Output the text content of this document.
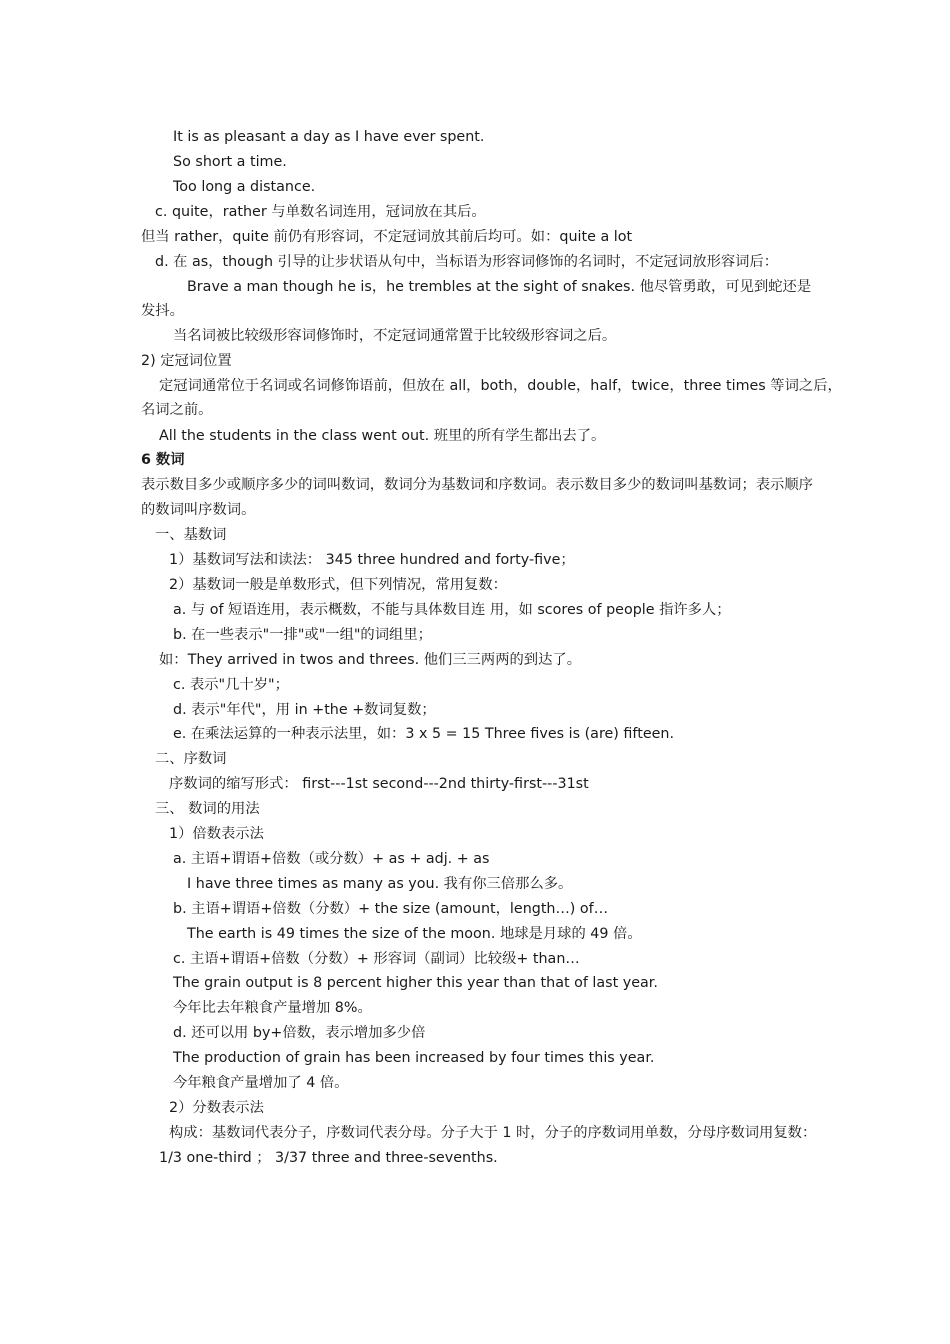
It is as pleasant a day as I have ever spent.
So short a time.
Too long a distance.
c. quite，rather 与单数名词连用，冠词放在其后。
但当 rather，quite 前仍有形容词，不定冠词放其前后均可。如：quite a lot
d. 在 as，though 引导的让步状语从句中，当标语为形容词修饰的名词时，不定冠词放形容词后：
Brave a man though he is，he trembles at the sight of snakes. 他尽管勇敢，可见到蛇还是
发抖。
当名词被比较级形容词修饰时，不定冠词通常置于比较级形容词之后。
2) 定冠词位置
定冠词通常位于名词或名词修饰语前，但放在 all，both，double，half，twice，three times 等词之后，
名词之前。
All the students in the class went out. 班里的所有学生都出去了。
6 数词
表示数目多少或顺序多少的词叫数词，数词分为基数词和序数词。表示数目多少的数词叫基数词；表示顺序
的数词叫序数词。
一、基数词
1）基数词写法和读法： 345 three hundred and forty-five；
2）基数词一般是单数形式，但下列情况，常用复数：
a. 与 of 短语连用，表示概数，不能与具体数目连 用，如 scores of people 指许多人；
b. 在一些表示"一排"或"一组"的词组里；
如：They arrived in twos and threes. 他们三三两两的到达了。
c. 表示"几十岁"；
d. 表示"年代"，用 in +the +数词复数；
e. 在乘法运算的一种表示法里，如：3 x 5 = 15 Three fives is (are) fifteen.
二、序数词
序数词的缩写形式： first---1st second---2nd thirty-first---31st
三、 数词的用法
1）倍数表示法
a. 主语+谓语+倍数（或分数）+ as + adj. + as
I have three times as many as you. 我有你三倍那么多。
b. 主语+谓语+倍数（分数）+ the size (amount，length…) of…
The earth is 49 times the size of the moon. 地球是月球的 49 倍。
c. 主语+谓语+倍数（分数）+ 形容词（副词）比较级+ than…
The grain output is 8 percent higher this year than that of last year.
今年比去年粮食产量增加 8%。
d. 还可以用 by+倍数，表示增加多少倍
The production of grain has been increased by four times this year.
今年粮食产量增加了 4 倍。
2）分数表示法
构成：基数词代表分子，序数词代表分母。分子大于 1 时，分子的序数词用单数，分母序数词用复数：
1/3 one-third ； 3/37 three and three-sevenths.
